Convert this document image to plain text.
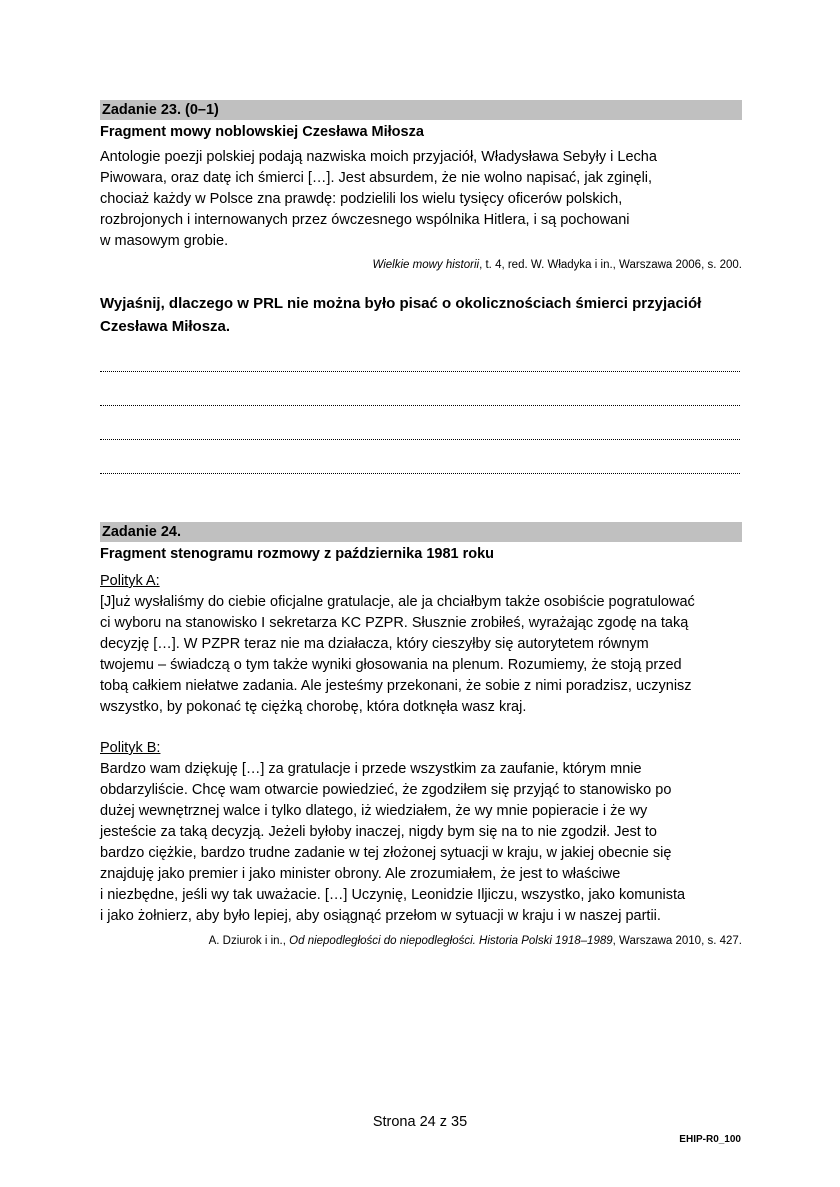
Zadanie 23. (0–1)
Fragment mowy noblowskiej Czesława Miłosza

Antologie poezji polskiej podają nazwiska moich przyjaciół, Władysława Sebyły i Lecha

Piwowara, oraz datę ich śmierci […]. Jest absurdem, że nie wolno napisać, jak zginęli,

chociaż każdy w Polsce zna prawdę: podzielili los wielu tysięcy oficerów polskich,

rozbrojonych i internowanych przez ówczesnego wspólnika Hitlera, i są pochowani

w masowym grobie.

Wielkie mowy historii, t. 4, red. W. Władyka i in., Warszawa 2006, s. 200.
Wyjaśnij, dlaczego w PRL nie można było pisać o okolicznościach śmierci przyjaciół
Czesława Miłosza.
Zadanie 24.
Fragment stenogramu rozmowy z października 1981 roku
Polityk A:

[J]uż wysłaliśmy do ciebie oficjalne gratulacje, ale ja chciałbym także osobiście pogratulować

ci wyboru na stanowisko I sekretarza KC PZPR. Słusznie zrobiłeś, wyrażając zgodę na taką

decyzję […]. W PZPR teraz nie ma działacza, który cieszyłby się autorytetem równym

twojemu – świadczą o tym także wyniki głosowania na plenum. Rozumiemy, że stoją przed

tobą całkiem niełatwe zadania. Ale jesteśmy przekonani, że sobie z nimi poradzisz, uczynisz

wszystko, by pokonać tę ciężką chorobę, która dotknęła wasz kraj.

Polityk B:

Bardzo wam dziękuję […] za gratulacje i przede wszystkim za zaufanie, którym mnie

obdarzyliście. Chcę wam otwarcie powiedzieć, że zgodziłem się przyjąć to stanowisko po

dużej wewnętrznej walce i tylko dlatego, iż wiedziałem, że wy mnie popieracie i że wy

jesteście za taką decyzją. Jeżeli byłoby inaczej, nigdy bym się na to nie zgodził. Jest to

bardzo ciężkie, bardzo trudne zadanie w tej złożonej sytuacji w kraju, w jakiej obecnie się

znajduję jako premier i jako minister obrony. Ale zrozumiałem, że jest to właściwe

i niezbędne, jeśli wy tak uważacie. […] Uczynię, Leonidzie Iljiczu, wszystko, jako komunista

i jako żołnierz, aby było lepiej, aby osiągnąć przełom w sytuacji w kraju i w naszej partii.

A. Dziurok i in., Od niepodległości do niepodległości. Historia Polski 1918–1989, Warszawa 2010, s. 427.
Strona 24 z 35
EHIP-R0_100
